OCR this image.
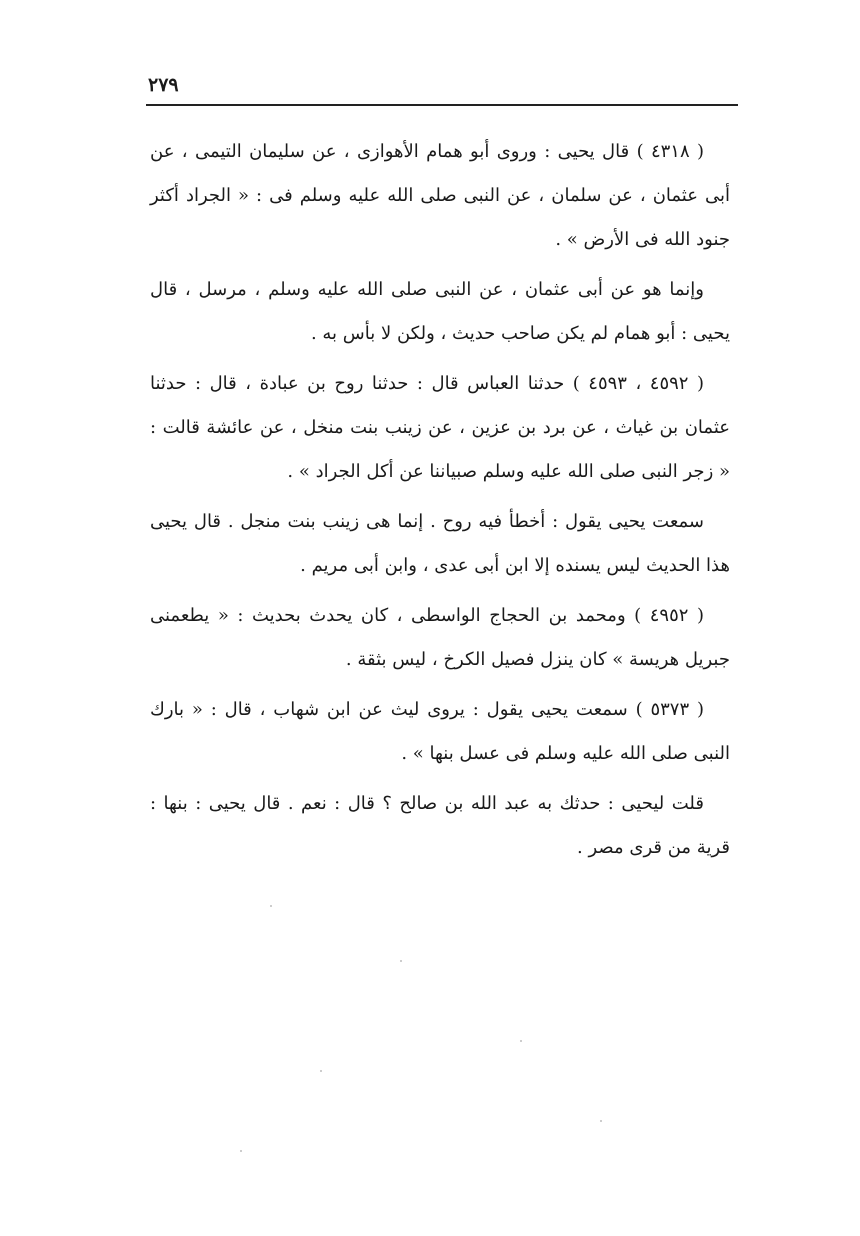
٢٧٩

( ٤٣١٨ ) قال يحيى : وروى أبو همام الأهوازى ، عن سليمان التيمى ، عن أبى عثمان ، عن سلمان ، عن النبى صلى الله عليه وسلم فى : « الجراد أكثر جنود الله فى الأرض » .

وإنما هو عن أبى عثمان ، عن النبى صلى الله عليه وسلم ، مرسل ، قال يحيى : أبو همام لم يكن صاحب حديث ، ولكن لا بأس به .

( ٤٥٩٢ ، ٤٥٩٣ ) حدثنا العباس قال : حدثنا روح بن عبادة ، قال : حدثنا عثمان بن غياث ، عن برد بن عزين ، عن زينب بنت منخل ، عن عائشة قالت : « زجر النبى صلى الله عليه وسلم صبياننا عن أكل الجراد » .

سمعت يحيى يقول : أخطأ فيه روح . إنما هى زينب بنت منجل . قال يحيى هذا الحديث ليس يسنده إلا ابن أبى عدى ، وابن أبى مريم .

( ٤٩٥٢ ) ومحمد بن الحجاج الواسطى ، كان يحدث بحديث : « يطعمنى جبريل هريسة » كان ينزل فصيل الكرخ ، ليس بثقة .

( ٥٣٧٣ ) سمعت يحيى يقول : يروى ليث عن ابن شهاب ، قال : « بارك النبى صلى الله عليه وسلم فى عسل بنها » .

قلت ليحيى : حدثك به عبد الله بن صالح ؟ قال : نعم . قال يحيى : بنها : قرية من قرى مصر .
